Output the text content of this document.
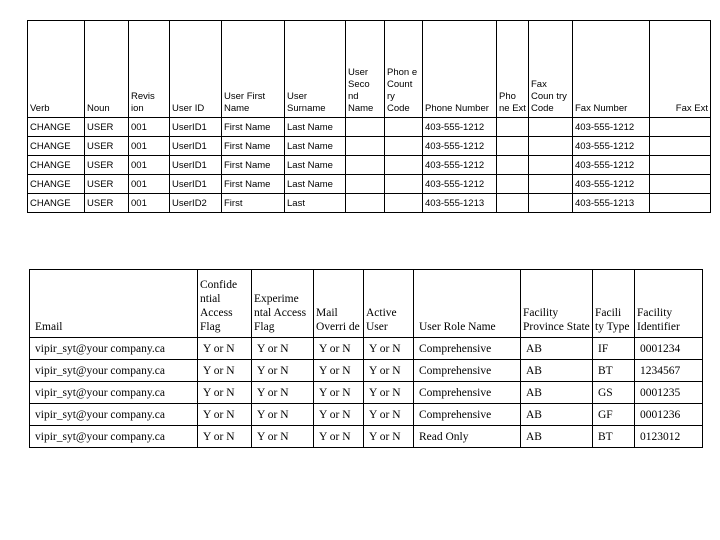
Verb	Noun	Revis ion	User ID	User First Name	User Surname	User Seco nd Name	Phon e Count ry Code	Phone Number	Pho ne Ext	Fax Coun try Code	Fax Number	Fax Ext
CHANGE	USER	001	UserID1	First Name	Last Name			403-555-1212			403-555-1212	
CHANGE	USER	001	UserID1	First Name	Last Name			403-555-1212			403-555-1212	
CHANGE	USER	001	UserID1	First Name	Last Name			403-555-1212			403-555-1212	
CHANGE	USER	001	UserID1	First Name	Last Name			403-555-1212			403-555-1212	
CHANGE	USER	001	UserID2	First	Last			403-555-1213			403-555-1213	
Email	Confide ntial Access Flag	Experime ntal Access Flag	Mail Overri de	Active User	User Role Name	Facility Province State	Facili ty Type	Facility Identifier
vipir_syt@your company.ca	Y or N	Y or N	Y or N	Y or N	Comprehensive	AB	IF	0001234
vipir_syt@your company.ca	Y or N	Y or N	Y or N	Y or N	Comprehensive	AB	BT	1234567
vipir_syt@your company.ca	Y or N	Y or N	Y or N	Y or N	Comprehensive	AB	GS	0001235
vipir_syt@your company.ca	Y or N	Y or N	Y or N	Y or N	Comprehensive	AB	GF	0001236
vipir_syt@your company.ca	Y or N	Y or N	Y or N	Y or N	Read Only	AB	BT	0123012
